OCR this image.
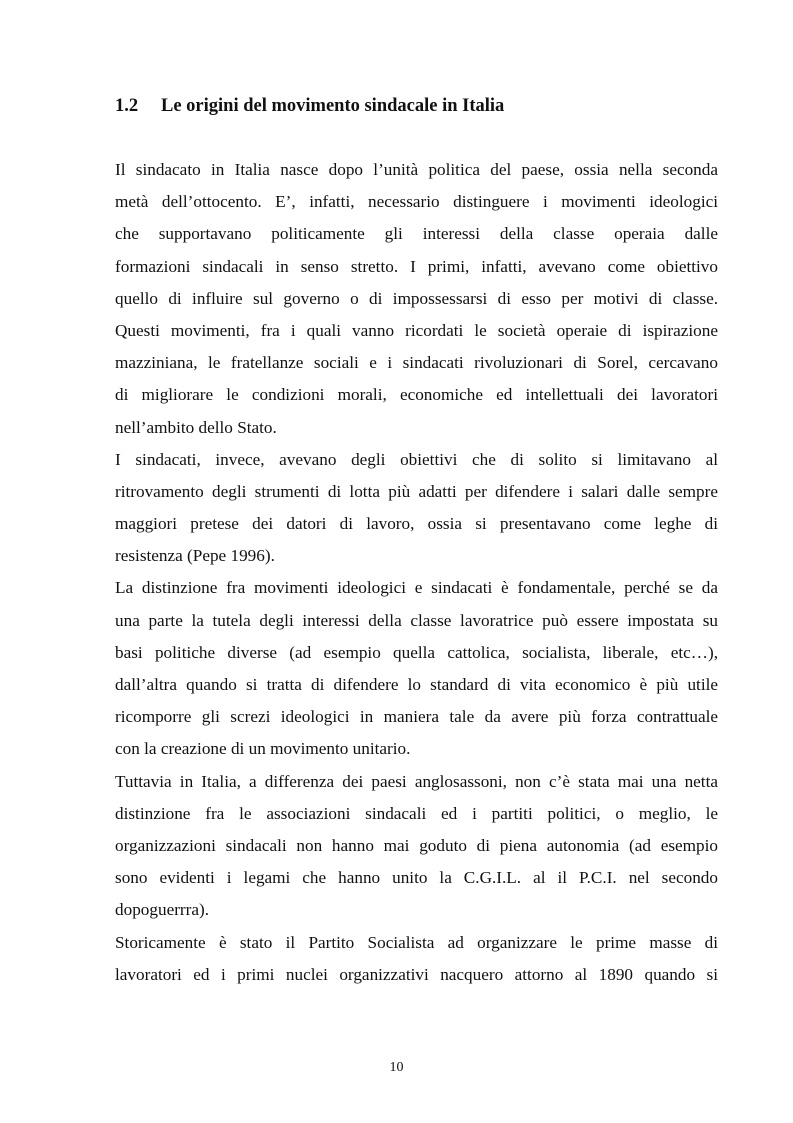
1.2 Le origini del movimento sindacale in Italia
Il sindacato in Italia nasce dopo l’unità politica del paese, ossia nella seconda
metà dell’ottocento. E’, infatti, necessario distinguere i movimenti ideologici
che supportavano politicamente gli interessi della classe operaia dalle
formazioni sindacali in senso stretto. I primi, infatti, avevano come obiettivo
quello di influire sul governo o di impossessarsi di esso per motivi di classe.
Questi movimenti, fra i quali vanno ricordati le società operaie di ispirazione
mazziniana, le fratellanze sociali e i sindacati rivoluzionari di Sorel, cercavano
di migliorare le condizioni morali, economiche ed intellettuali dei lavoratori
nell’ambito dello Stato.
I sindacati, invece, avevano degli obiettivi che di solito si limitavano al
ritrovamento degli strumenti di lotta più adatti per difendere i salari dalle sempre
maggiori pretese dei datori di lavoro, ossia si presentavano come leghe di
resistenza (Pepe 1996).
La distinzione fra movimenti ideologici e sindacati è fondamentale, perché se da
una parte la tutela degli interessi della classe lavoratrice può essere impostata su
basi politiche diverse (ad esempio quella cattolica, socialista, liberale, etc…),
dall’altra quando si tratta di difendere lo standard di vita economico è più utile
ricomporre gli screzi ideologici in maniera tale da avere più forza contrattuale
con la creazione di un movimento unitario.
Tuttavia in Italia, a differenza dei paesi anglosassoni, non c’è stata mai una netta
distinzione fra le associazioni sindacali ed i partiti politici, o meglio, le
organizzazioni sindacali non hanno mai goduto di piena autonomia (ad esempio
sono evidenti i legami che hanno unito la C.G.I.L. al il P.C.I. nel secondo
dopoguerrra).
Storicamente è stato il Partito Socialista ad organizzare le prime masse di
lavoratori ed i primi nuclei organizzativi nacquero attorno al 1890 quando si
10
